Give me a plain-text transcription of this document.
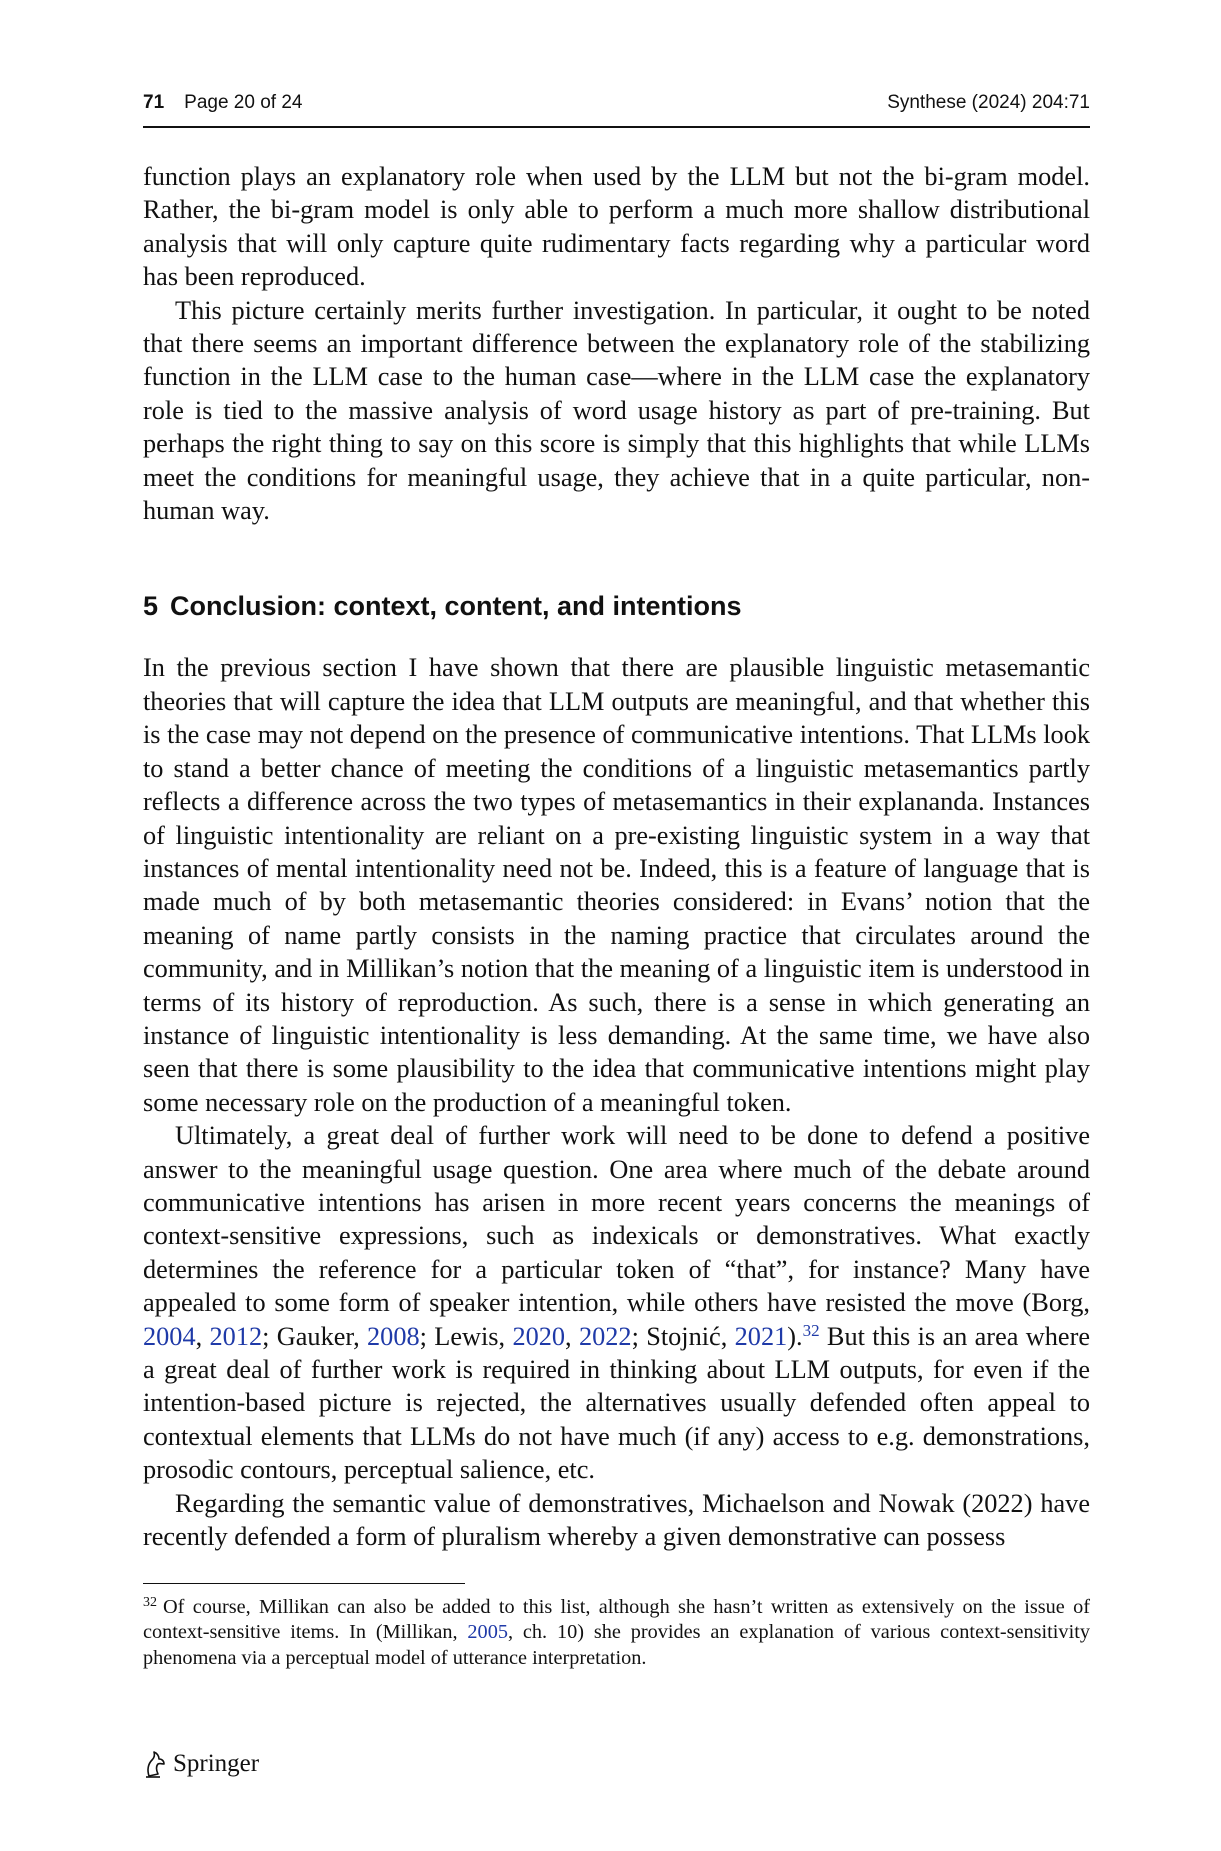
71 Page 20 of 24	Synthese (2024) 204:71

function plays an explanatory role when used by the LLM but not the bi-gram model. Rather, the bi-gram model is only able to perform a much more shallow distributional analysis that will only capture quite rudimentary facts regarding why a particular word has been reproduced.

This picture certainly merits further investigation. In particular, it ought to be noted that there seems an important difference between the explanatory role of the stabilizing function in the LLM case to the human case—where in the LLM case the explanatory role is tied to the massive analysis of word usage history as part of pre-training. But perhaps the right thing to say on this score is simply that this highlights that while LLMs meet the conditions for meaningful usage, they achieve that in a quite particular, non-human way.

5 Conclusion: context, content, and intentions

In the previous section I have shown that there are plausible linguistic metasemantic theories that will capture the idea that LLM outputs are meaningful, and that whether this is the case may not depend on the presence of communicative intentions. That LLMs look to stand a better chance of meeting the conditions of a linguistic metasemantics partly reflects a difference across the two types of metasemantics in their explananda. Instances of linguistic intentionality are reliant on a pre-existing linguistic system in a way that instances of mental intentionality need not be. Indeed, this is a feature of language that is made much of by both metasemantic theories considered: in Evans’ notion that the meaning of name partly consists in the naming practice that circulates around the community, and in Millikan’s notion that the meaning of a linguistic item is understood in terms of its history of reproduction. As such, there is a sense in which generating an instance of linguistic intentionality is less demanding. At the same time, we have also seen that there is some plausibility to the idea that communicative intentions might play some necessary role on the production of a meaningful token.

Ultimately, a great deal of further work will need to be done to defend a positive answer to the meaningful usage question. One area where much of the debate around communicative intentions has arisen in more recent years concerns the meanings of context-sensitive expressions, such as indexicals or demonstratives. What exactly determines the reference for a particular token of “that”, for instance? Many have appealed to some form of speaker intention, while others have resisted the move (Borg, 2004, 2012; Gauker, 2008; Lewis, 2020, 2022; Stojnić, 2021).$^{32}$ But this is an area where a great deal of further work is required in thinking about LLM outputs, for even if the intention-based picture is rejected, the alternatives usually defended often appeal to contextual elements that LLMs do not have much (if any) access to e.g. demonstrations, prosodic contours, perceptual salience, etc.

Regarding the semantic value of demonstratives, Michaelson and Nowak (2022) have recently defended a form of pluralism whereby a given demonstrative can possess

$^{32}$ Of course, Millikan can also be added to this list, although she hasn’t written as extensively on the issue of context-sensitive items. In (Millikan, 2005, ch. 10) she provides an explanation of various context-sensitivity phenomena via a perceptual model of utterance interpretation.
Springer
